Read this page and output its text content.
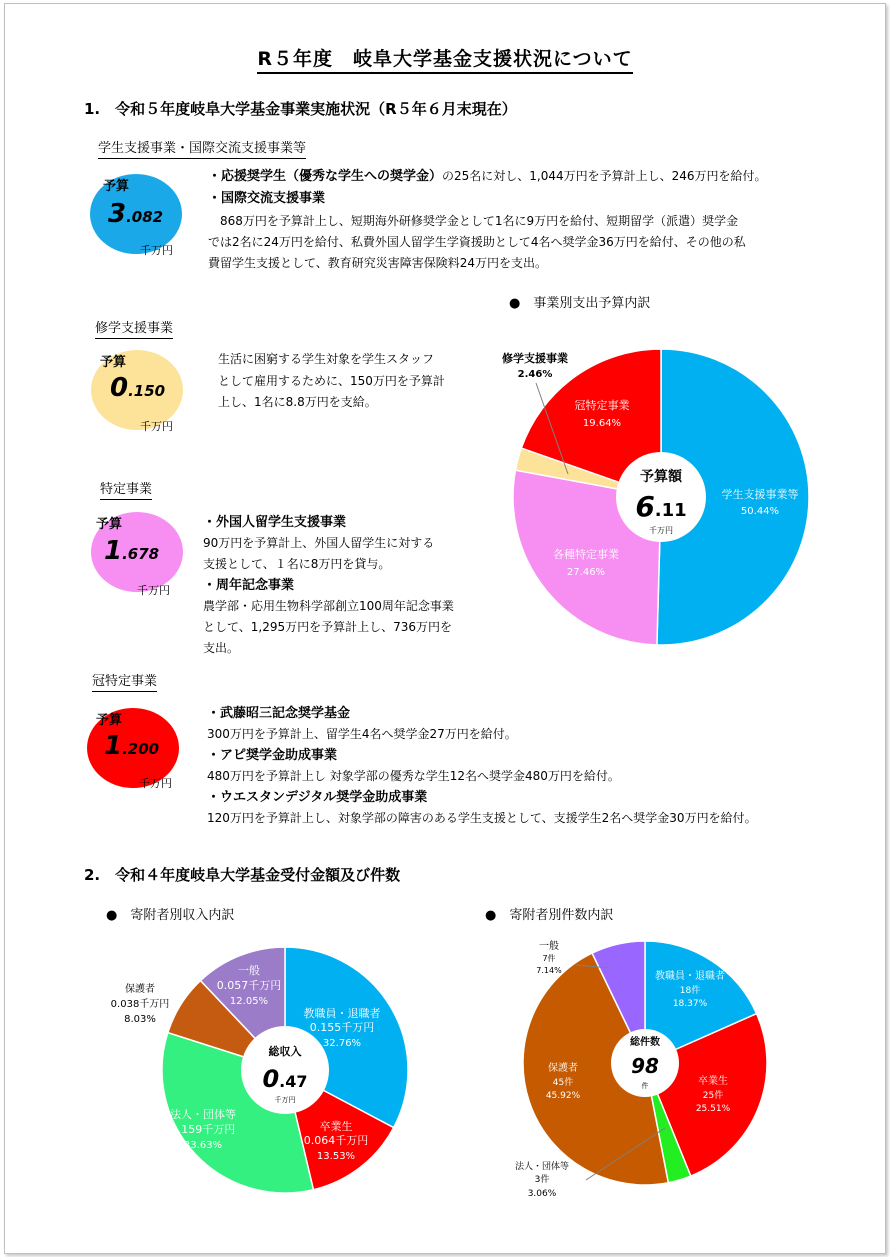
R５年度　岐阜大学基金支援状況について
1.　令和５年度岐阜大学基金事業実施状況（R５年６月末現在）
学生支援事業・国際交流支援事業等
予算
3.082
千万円
・応援奨学生（優秀な学生への奨学金）の25名に対し、1,044万円を予算計上し、246万円を給付。
・国際交流支援事業
　868万円を予算計上し、短期海外研修奨学金として1名に9万円を給付、短期留学（派遣）奨学金
では2名に24万円を給付、私費外国人留学生学資援助として4名へ奨学金36万円を給付、その他の私
費留学生支援として、教育研究災害障害保険料24万円を支出。
修学支援事業
予算
0.150
千万円
生活に困窮する学生対象を学生スタッフ
として雇用するために、150万円を予算計
上し、1名に8.8万円を支給。
特定事業
予算
1.678
千万円
・外国人留学生支援事業
90万円を予算計上、外国人留学生に対する
支援として、１名に8万円を貸与。
・周年記念事業
農学部・応用生物科学部創立100周年記念事業
として、1,295万円を予算計上し、736万円を
支出。
冠特定事業
予算
1.200
千万円
・武藤昭三記念奨学基金
300万円を予算計上、留学生4名へ奨学金27万円を給付。
・アピ奨学金助成事業
480万円を予算計上し 対象学部の優秀な学生12名へ奨学金480万円を給付。
・ウエスタンデジタル奨学金助成事業
120万円を予算計上し、対象学部の障害のある学生支援として、支援学生2名へ奨学金30万円を給付。
2.　令和４年度岐阜大学基金受付金額及び件数
●　事業別支出予算内訳
●　寄附者別収入内訳	●　寄附者別件数内訳
予算額
6.11
千万円
学生支援事業等
50.44%
各種特定事業
27.46%
修学支援事業
2.46%
冠特定事業
19.64%
総収入
0.47
千万円
教職員・退職者
0.155千万円
32.76%
卒業生
0.064千万円
13.53%
法人・団体等
0.159千万円
33.63%
保護者
0.038千万円
8.03%
一般
0.057千万円
12.05%
総件数
98
件
教職員・退職者
18件
18.37%
卒業生
25件
25.51%
法人・団体等
3件
3.06%
保護者
45件
45.92%
一般
7件
7.14%
